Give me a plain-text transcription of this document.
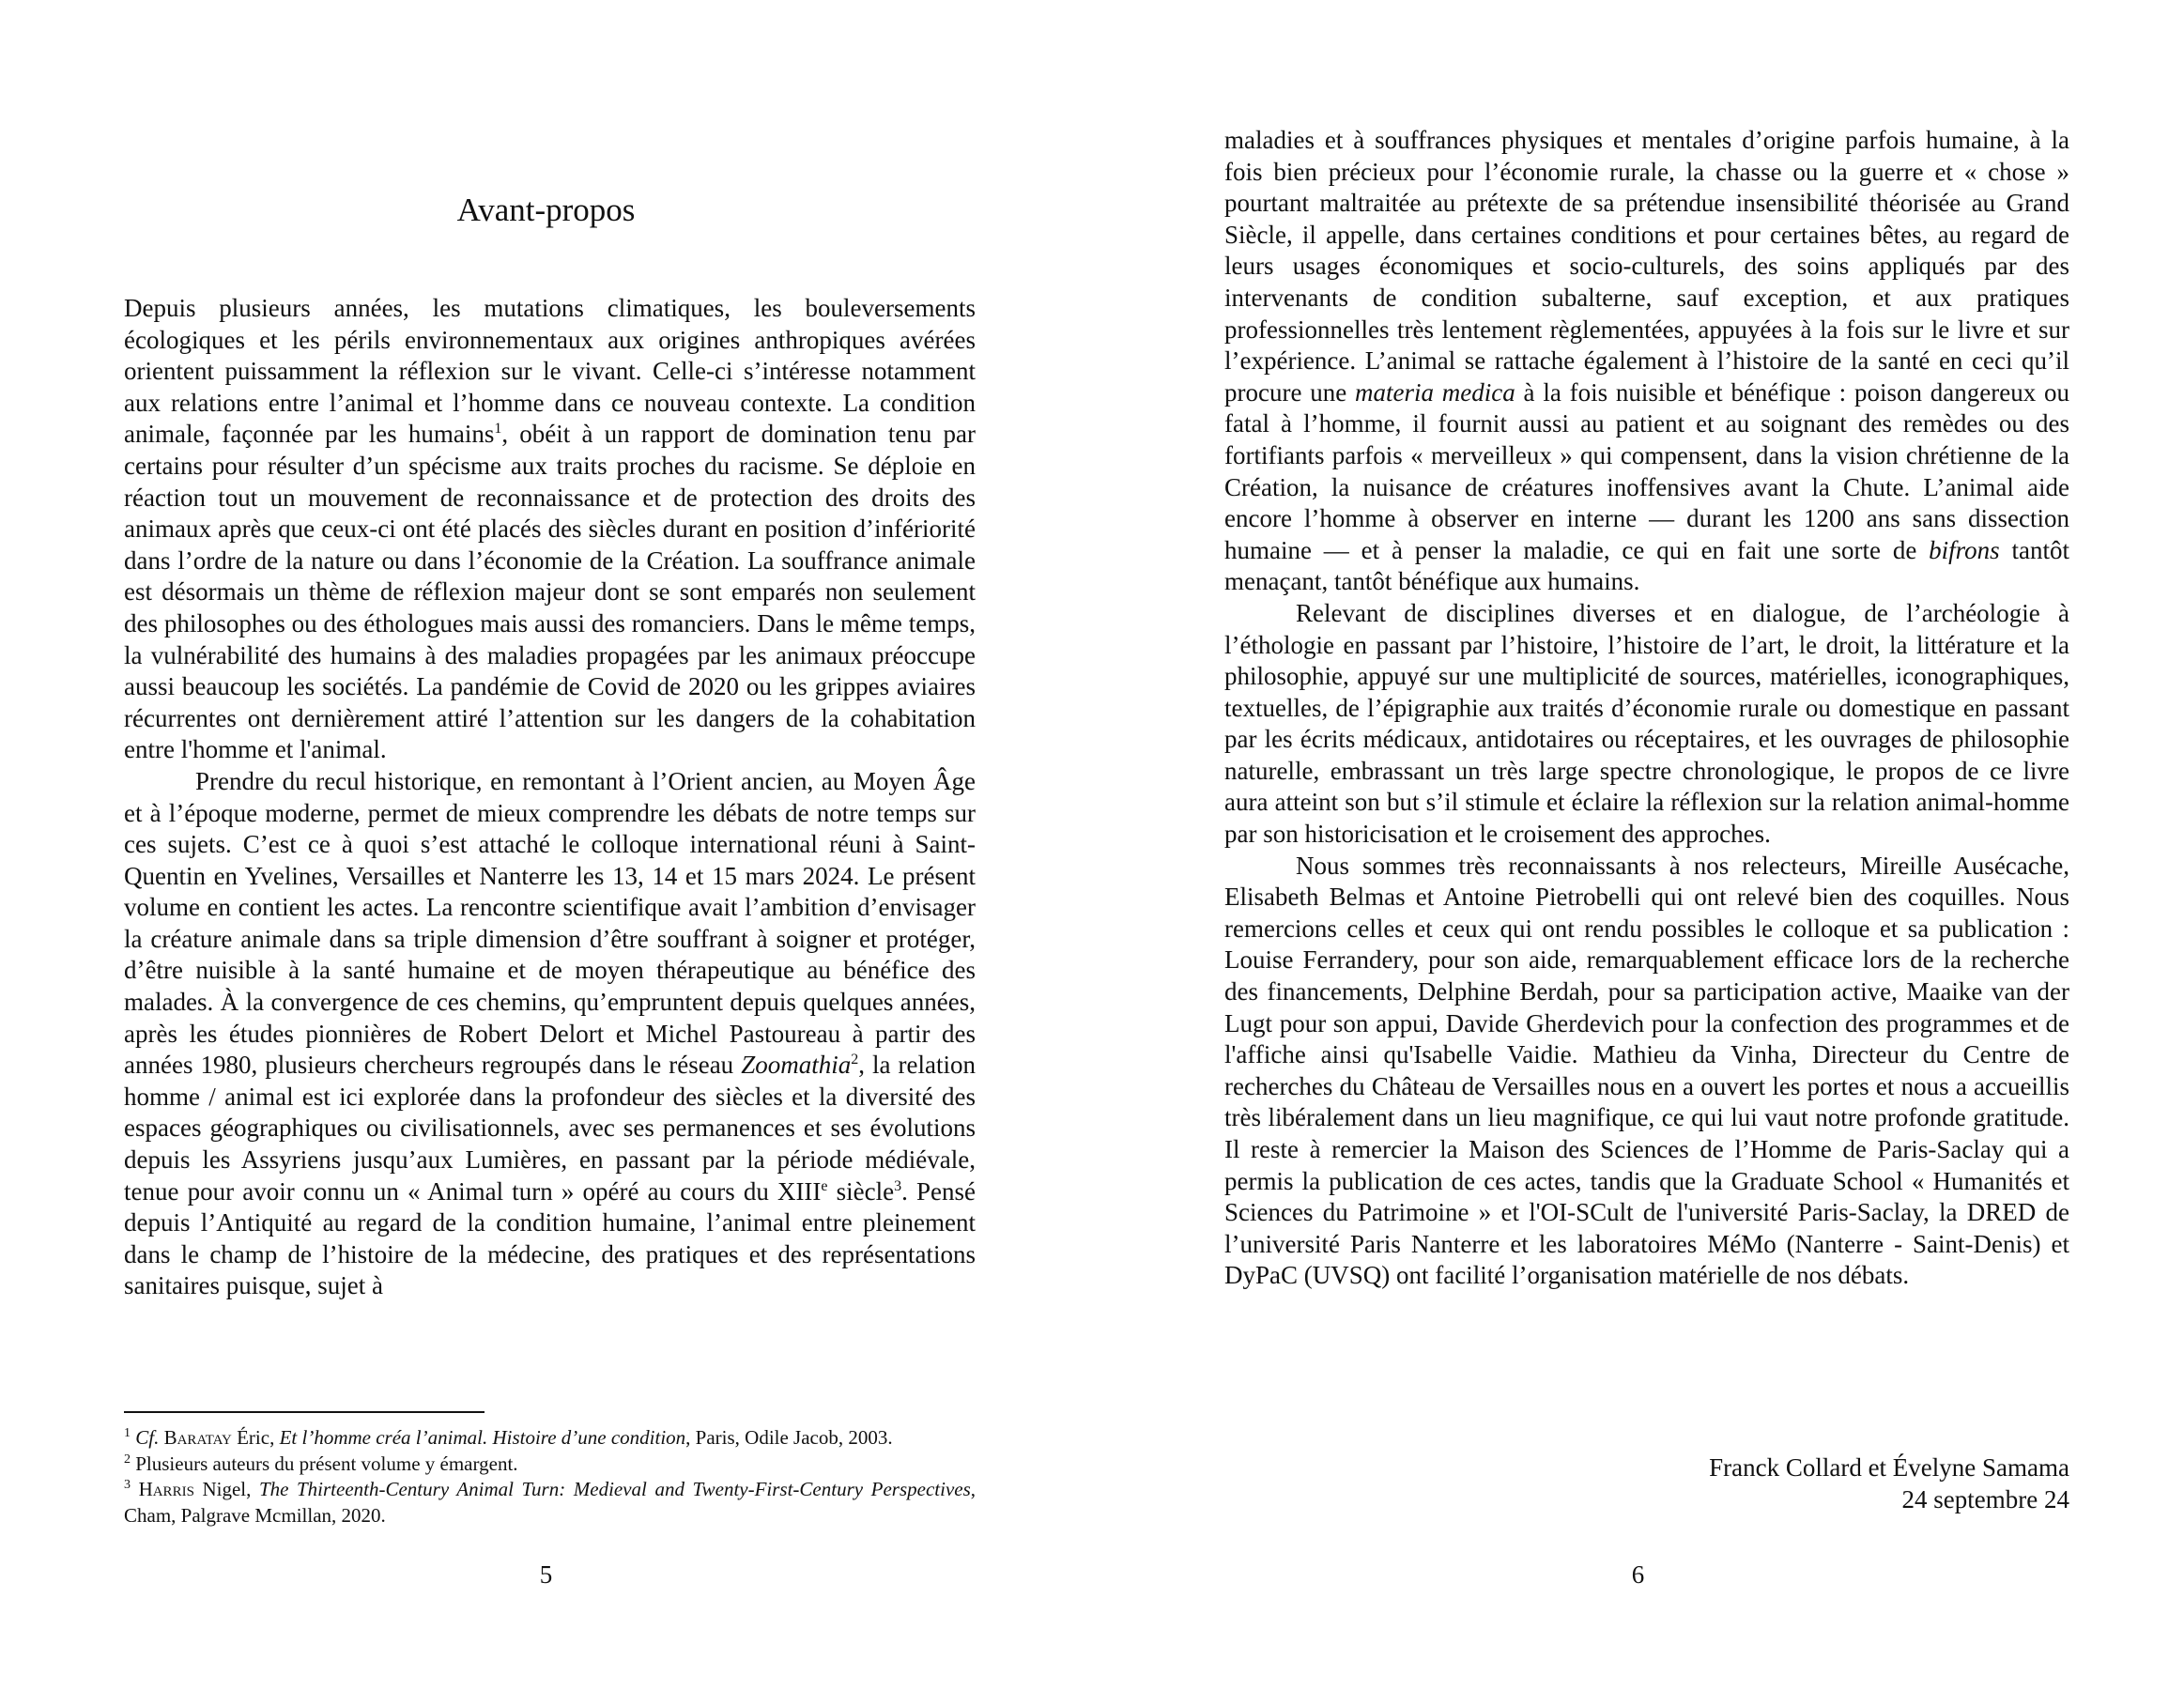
Avant-propos

Depuis plusieurs années, les mutations climatiques, les bouleversements écologiques et les périls environnementaux aux origines anthropiques avérées orientent puissamment la réflexion sur le vivant. Celle-ci s’intéresse notamment aux relations entre l’animal et l’homme dans ce nouveau contexte. La condition animale, façonnée par les humains$^1$, obéit à un rapport de domination tenu par certains pour résulter d’un spécisme aux traits proches du racisme. Se déploie en réaction tout un mouvement de reconnaissance et de protection des droits des animaux après que ceux-ci ont été placés des siècles durant en position d’infériorité dans l’ordre de la nature ou dans l’économie de la Création. La souffrance animale est désormais un thème de réflexion majeur dont se sont emparés non seulement des philosophes ou des éthologues mais aussi des romanciers. Dans le même temps, la vulnérabilité des humains à des maladies propagées par les animaux préoccupe aussi beaucoup les sociétés. La pandémie de Covid de 2020 ou les grippes aviaires récurrentes ont dernièrement attiré l’attention sur les dangers de la cohabitation entre l'homme et l'animal.

Prendre du recul historique, en remontant à l’Orient ancien, au Moyen Âge et à l’époque moderne, permet de mieux comprendre les débats de notre temps sur ces sujets. C’est ce à quoi s’est attaché le colloque international réuni à Saint-Quentin en Yvelines, Versailles et Nanterre les 13, 14 et 15 mars 2024. Le présent volume en contient les actes. La rencontre scientifique avait l’ambition d’envisager la créature animale dans sa triple dimension d’être souffrant à soigner et protéger, d’être nuisible à la santé humaine et de moyen thérapeutique au bénéfice des malades. À la convergence de ces chemins, qu’empruntent depuis quelques années, après les études pionnières de Robert Delort et Michel Pastoureau à partir des années 1980, plusieurs chercheurs regroupés dans le réseau Zoomathia$^2$, la relation homme / animal est ici explorée dans la profondeur des siècles et la diversité des espaces géographiques ou civilisationnels, avec ses permanences et ses évolutions depuis les Assyriens jusqu’aux Lumières, en passant par la période médiévale, tenue pour avoir connu un « Animal turn » opéré au cours du XIIIe siècle$^3$. Pensé depuis l’Antiquité au regard de la condition humaine, l’animal entre pleinement dans le champ de l’histoire de la médecine, des pratiques et des représentations sanitaires puisque, sujet à

$^1$ Cf. Baratay Éric, Et l’homme créa l’animal. Histoire d’une condition, Paris, Odile Jacob, 2003.

$^2$ Plusieurs auteurs du présent volume y émargent.

$^3$ Harris Nigel, The Thirteenth-Century Animal Turn: Medieval and Twenty-First-Century Perspectives, Cham, Palgrave Mcmillan, 2020.

5

maladies et à souffrances physiques et mentales d’origine parfois humaine, à la fois bien précieux pour l’économie rurale, la chasse ou la guerre et « chose » pourtant maltraitée au prétexte de sa prétendue insensibilité théorisée au Grand Siècle, il appelle, dans certaines conditions et pour certaines bêtes, au regard de leurs usages économiques et socio-culturels, des soins appliqués par des intervenants de condition subalterne, sauf exception, et aux pratiques professionnelles très lentement règlementées, appuyées à la fois sur le livre et sur l’expérience. L’animal se rattache également à l’histoire de la santé en ceci qu’il procure une materia medica à la fois nuisible et bénéfique : poison dangereux ou fatal à l’homme, il fournit aussi au patient et au soignant des remèdes ou des fortifiants parfois « merveilleux » qui compensent, dans la vision chrétienne de la Création, la nuisance de créatures inoffensives avant la Chute. L’animal aide encore l’homme à observer en interne — durant les 1200 ans sans dissection humaine — et à penser la maladie, ce qui en fait une sorte de bifrons tantôt menaçant, tantôt bénéfique aux humains.

Relevant de disciplines diverses et en dialogue, de l’archéologie à l’éthologie en passant par l’histoire, l’histoire de l’art, le droit, la littérature et la philosophie, appuyé sur une multiplicité de sources, matérielles, iconographiques, textuelles, de l’épigraphie aux traités d’économie rurale ou domestique en passant par les écrits médicaux, antidotaires ou réceptaires, et les ouvrages de philosophie naturelle, embrassant un très large spectre chronologique, le propos de ce livre aura atteint son but s’il stimule et éclaire la réflexion sur la relation animal-homme par son historicisation et le croisement des approches.

Nous sommes très reconnaissants à nos relecteurs, Mireille Ausécache, Elisabeth Belmas et Antoine Pietrobelli qui ont relevé bien des coquilles. Nous remercions celles et ceux qui ont rendu possibles le colloque et sa publication : Louise Ferrandery, pour son aide, remarquablement efficace lors de la recherche des financements, Delphine Berdah, pour sa participation active, Maaike van der Lugt pour son appui, Davide Gherdevich pour la confection des programmes et de l'affiche ainsi qu'Isabelle Vaidie. Mathieu da Vinha, Directeur du Centre de recherches du Château de Versailles nous en a ouvert les portes et nous a accueillis très libéralement dans un lieu magnifique, ce qui lui vaut notre profonde gratitude. Il reste à remercier la Maison des Sciences de l’Homme de Paris-Saclay qui a permis la publication de ces actes, tandis que la Graduate School « Humanités et Sciences du Patrimoine » et l'OI-SCult de l'université Paris-Saclay, la DRED de l’université Paris Nanterre et les laboratoires MéMo (Nanterre - Saint-Denis) et DyPaC (UVSQ) ont facilité l’organisation matérielle de nos débats.

Franck Collard et Évelyne Samama
24 septembre 24
6
